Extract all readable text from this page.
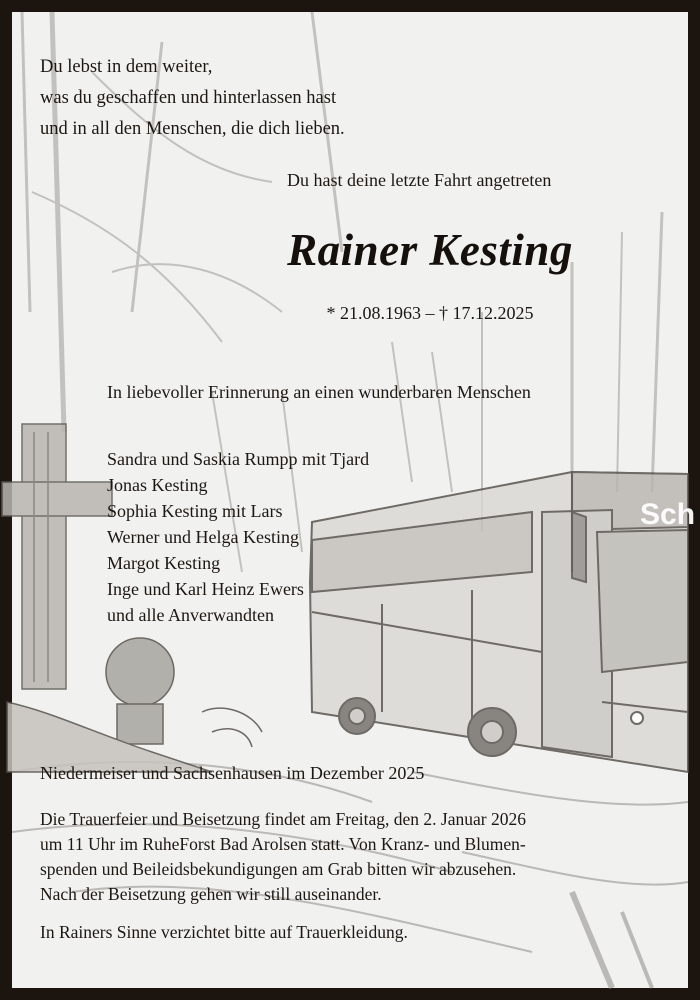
Sch
Du lebst in dem weiter,
was du geschaffen und hinterlassen hast
und in all den Menschen, die dich lieben.
Du hast deine letzte Fahrt angetreten
Rainer Kesting
* 21.08.1963 – † 17.12.2025
In liebevoller Erinnerung an einen wunderbaren Menschen
Sandra und Saskia Rumpp mit Tjard
Jonas Kesting
Sophia Kesting mit Lars
Werner und Helga Kesting
Margot Kesting
Inge und Karl Heinz Ewers
und alle Anverwandten
Niedermeiser und Sachsenhausen im Dezember 2025
Die Trauerfeier und Beisetzung findet am Freitag, den 2. Januar 2026
um 11 Uhr im RuheForst Bad Arolsen statt. Von Kranz- und Blumen-
spenden und Beileidsbekundigungen am Grab bitten wir abzusehen.
Nach der Beisetzung gehen wir still auseinander.
In Rainers Sinne verzichtet bitte auf Trauerkleidung.
